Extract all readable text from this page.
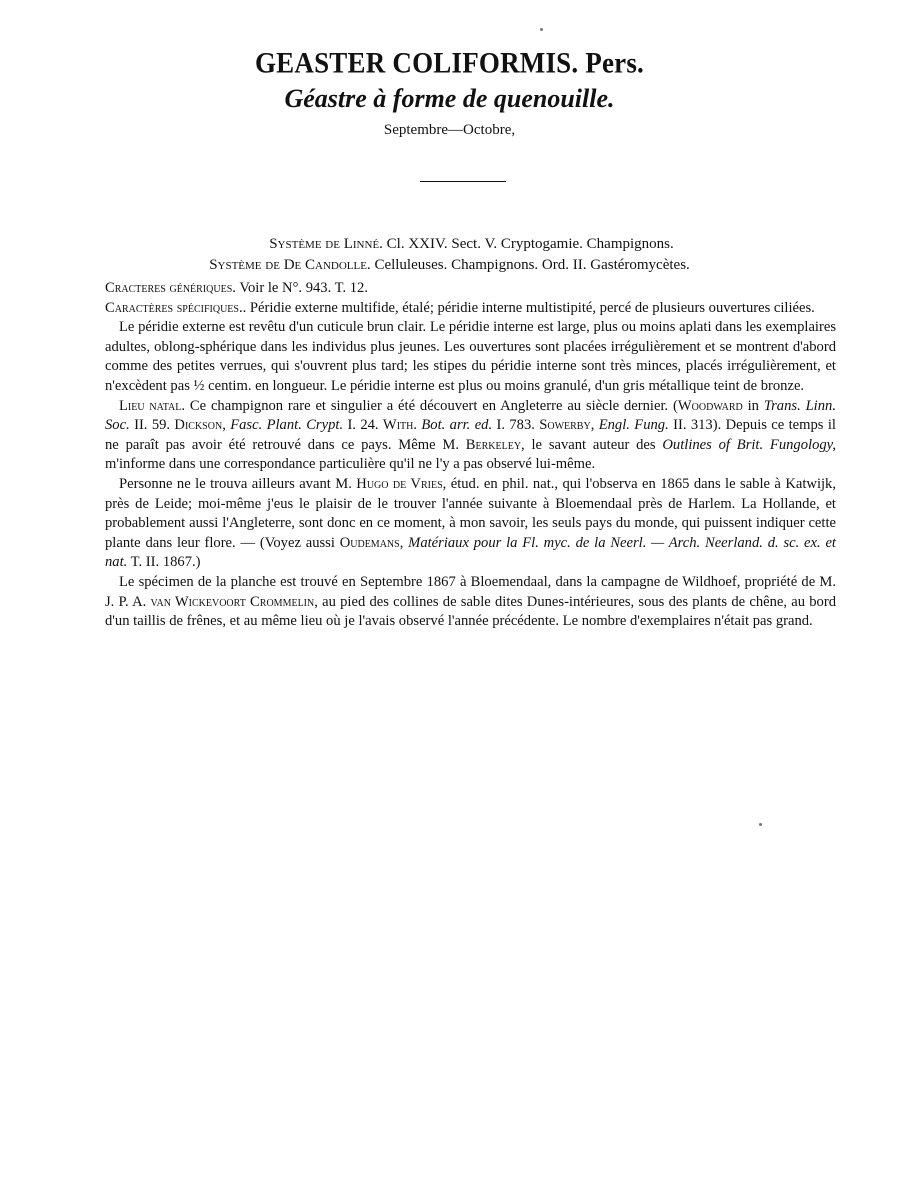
GEASTER COLIFORMIS. Pers.
Géastre à forme de quenouille.
Septembre—Octobre,

Système de Linné. Cl. XXIV. Sect. V. Cryptogamie. Champignons.

Système de De Candolle. Celluleuses. Champignons. Ord. II. Gastéromycètes.

Cracteres génériques. Voir le N°. 943. T. 12.

Caractères spécifiques.. Péridie externe multifide, étalé; péridie interne multistipité, percé de plusieurs ouvertures ciliées.

Le péridie externe est revêtu d'un cuticule brun clair. Le péridie interne est large, plus ou moins aplati dans les exemplaires adultes, oblong-sphérique dans les individus plus jeunes. Les ouvertures sont placées irrégulièrement et se montrent d'abord comme des petites verrues, qui s'ouvrent plus tard; les stipes du péridie interne sont très minces, placés irrégulièrement, et n'excèdent pas ½ centim. en longueur. Le péridie interne est plus ou moins granulé, d'un gris métallique teint de bronze.

Lieu natal. Ce champignon rare et singulier a été découvert en Angleterre au siècle dernier. (Woodward in Trans. Linn. Soc. II. 59. Dickson, Fasc. Plant. Crypt. I. 24. With. Bot. arr. ed. I. 783. Sowerby, Engl. Fung. II. 313). Depuis ce temps il ne paraît pas avoir été retrouvé dans ce pays. Même M. Berkeley, le savant auteur des Outlines of Brit. Fungology, m'informe dans une correspondance particulière qu'il ne l'y a pas observé lui-même.

Personne ne le trouva ailleurs avant M. Hugo de Vries, étud. en phil. nat., qui l'observa en 1865 dans le sable à Katwijk, près de Leide; moi-même j'eus le plaisir de le trouver l'année suivante à Bloemendaal près de Harlem. La Hollande, et probablement aussi l'Angleterre, sont donc en ce moment, à mon savoir, les seuls pays du monde, qui puissent indiquer cette plante dans leur flore. — (Voyez aussi Oudemans, Matériaux pour la Fl. myc. de la Neerl. — Arch. Neerland. d. sc. ex. et nat. T. II. 1867.)

Le spécimen de la planche est trouvé en Septembre 1867 à Bloemendaal, dans la campagne de Wildhoef, propriété de M. J. P. A. van Wickevoort Crommelin, au pied des collines de sable dites Dunes-intérieures, sous des plants de chêne, au bord d'un taillis de frênes, et au même lieu où je l'avais observé l'année précédente. Le nombre d'exemplaires n'était pas grand.
